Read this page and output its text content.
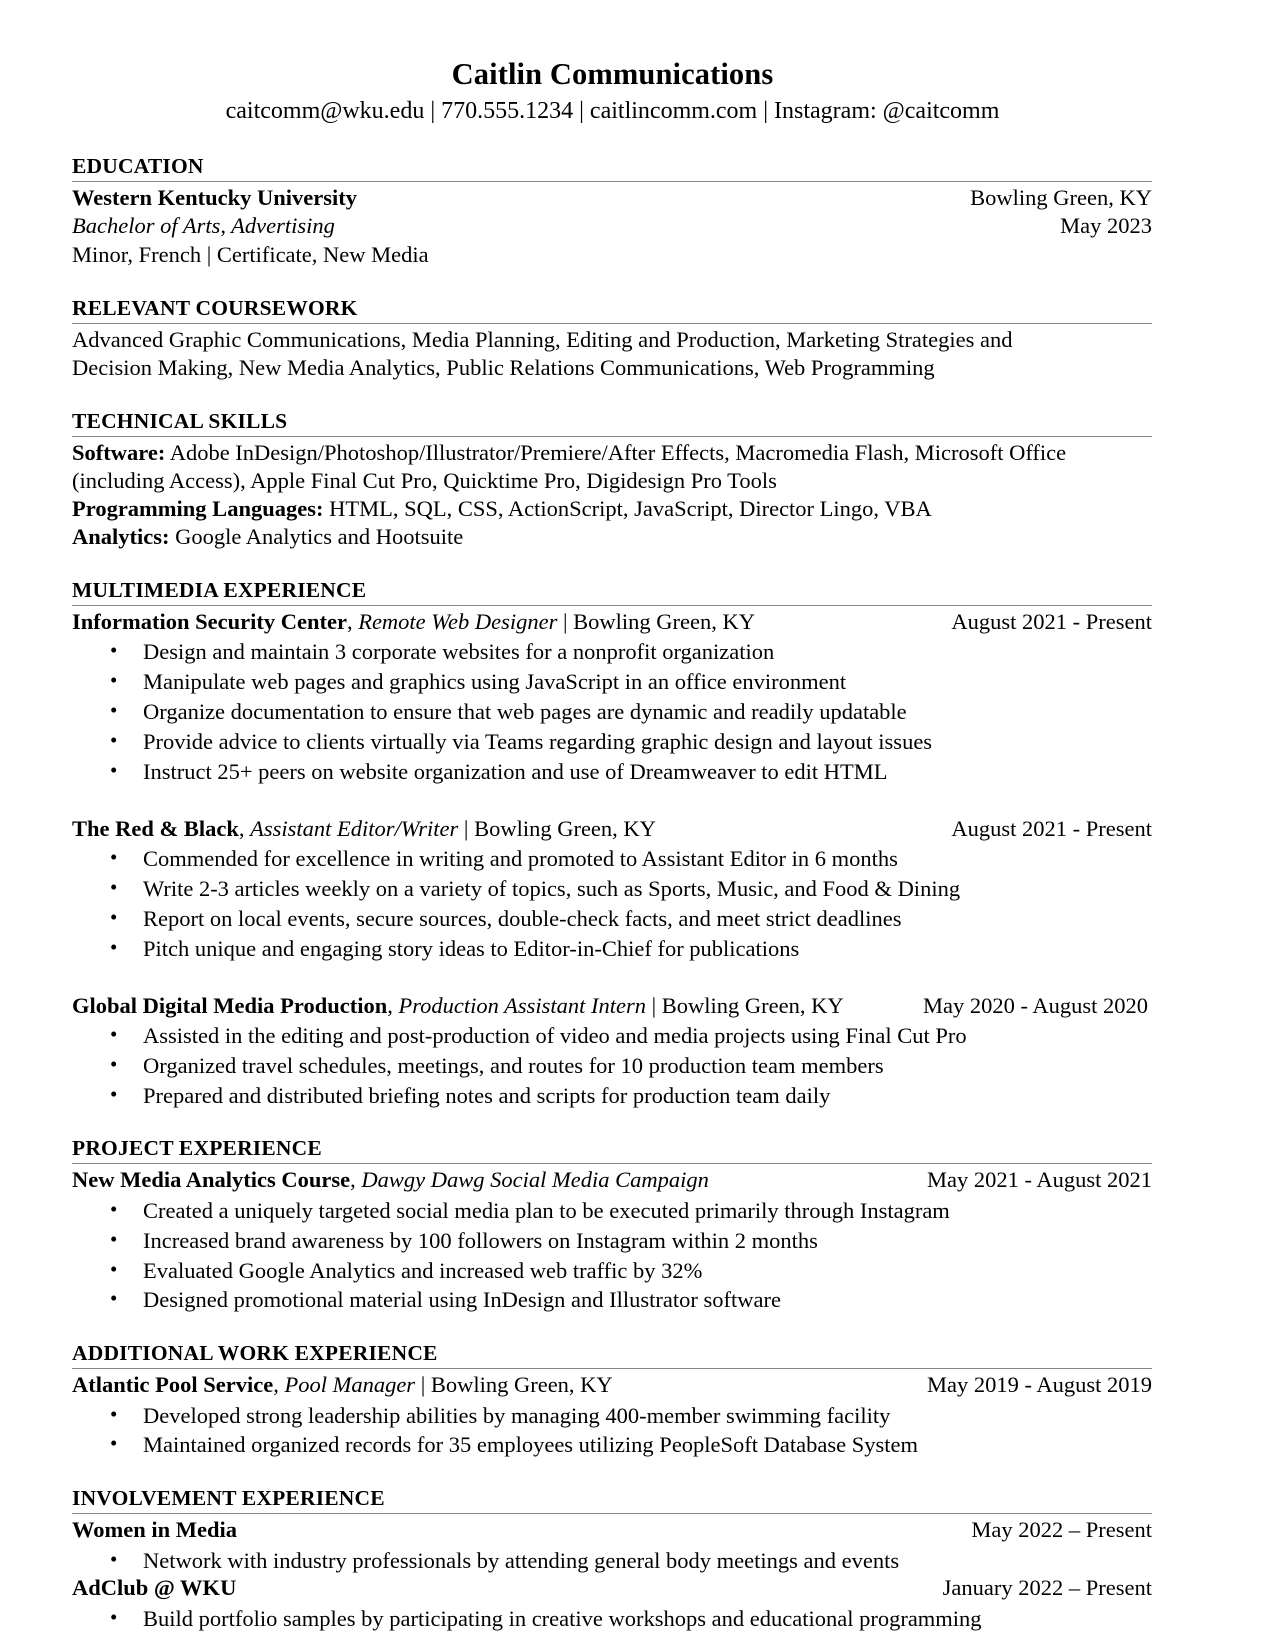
Caitlin Communications
caitcomm@wku.edu | 770.555.1234 | caitlincomm.com | Instagram: @caitcomm
EDUCATION
Western Kentucky University	Bowling Green, KY
Bachelor of Arts, Advertising	May 2023
Minor, French | Certificate, New Media
RELEVANT COURSEWORK
Advanced Graphic Communications, Media Planning, Editing and Production, Marketing Strategies and Decision Making, New Media Analytics, Public Relations Communications, Web Programming
TECHNICAL SKILLS
Software: Adobe InDesign/Photoshop/Illustrator/Premiere/After Effects, Macromedia Flash, Microsoft Office (including Access), Apple Final Cut Pro, Quicktime Pro, Digidesign Pro Tools
Programming Languages: HTML, SQL, CSS, ActionScript, JavaScript, Director Lingo, VBA
Analytics: Google Analytics and Hootsuite
MULTIMEDIA EXPERIENCE
Information Security Center, Remote Web Designer | Bowling Green, KY	August 2021 - Present
• Design and maintain 3 corporate websites for a nonprofit organization
• Manipulate web pages and graphics using JavaScript in an office environment
• Organize documentation to ensure that web pages are dynamic and readily updatable
• Provide advice to clients virtually via Teams regarding graphic design and layout issues
• Instruct 25+ peers on website organization and use of Dreamweaver to edit HTML
The Red & Black, Assistant Editor/Writer | Bowling Green, KY	August 2021 - Present
• Commended for excellence in writing and promoted to Assistant Editor in 6 months
• Write 2-3 articles weekly on a variety of topics, such as Sports, Music, and Food & Dining
• Report on local events, secure sources, double-check facts, and meet strict deadlines
• Pitch unique and engaging story ideas to Editor-in-Chief for publications
Global Digital Media Production, Production Assistant Intern | Bowling Green, KY	May 2020 - August 2020
• Assisted in the editing and post-production of video and media projects using Final Cut Pro
• Organized travel schedules, meetings, and routes for 10 production team members
• Prepared and distributed briefing notes and scripts for production team daily
PROJECT EXPERIENCE
New Media Analytics Course, Dawgy Dawg Social Media Campaign	May 2021 - August 2021
• Created a uniquely targeted social media plan to be executed primarily through Instagram
• Increased brand awareness by 100 followers on Instagram within 2 months
• Evaluated Google Analytics and increased web traffic by 32%
• Designed promotional material using InDesign and Illustrator software
ADDITIONAL WORK EXPERIENCE
Atlantic Pool Service, Pool Manager | Bowling Green, KY	May 2019 - August 2019
• Developed strong leadership abilities by managing 400-member swimming facility
• Maintained organized records for 35 employees utilizing PeopleSoft Database System
INVOLVEMENT EXPERIENCE
Women in Media	May 2022 – Present
• Network with industry professionals by attending general body meetings and events
AdClub @ WKU	January 2022 – Present
• Build portfolio samples by participating in creative workshops and educational programming
